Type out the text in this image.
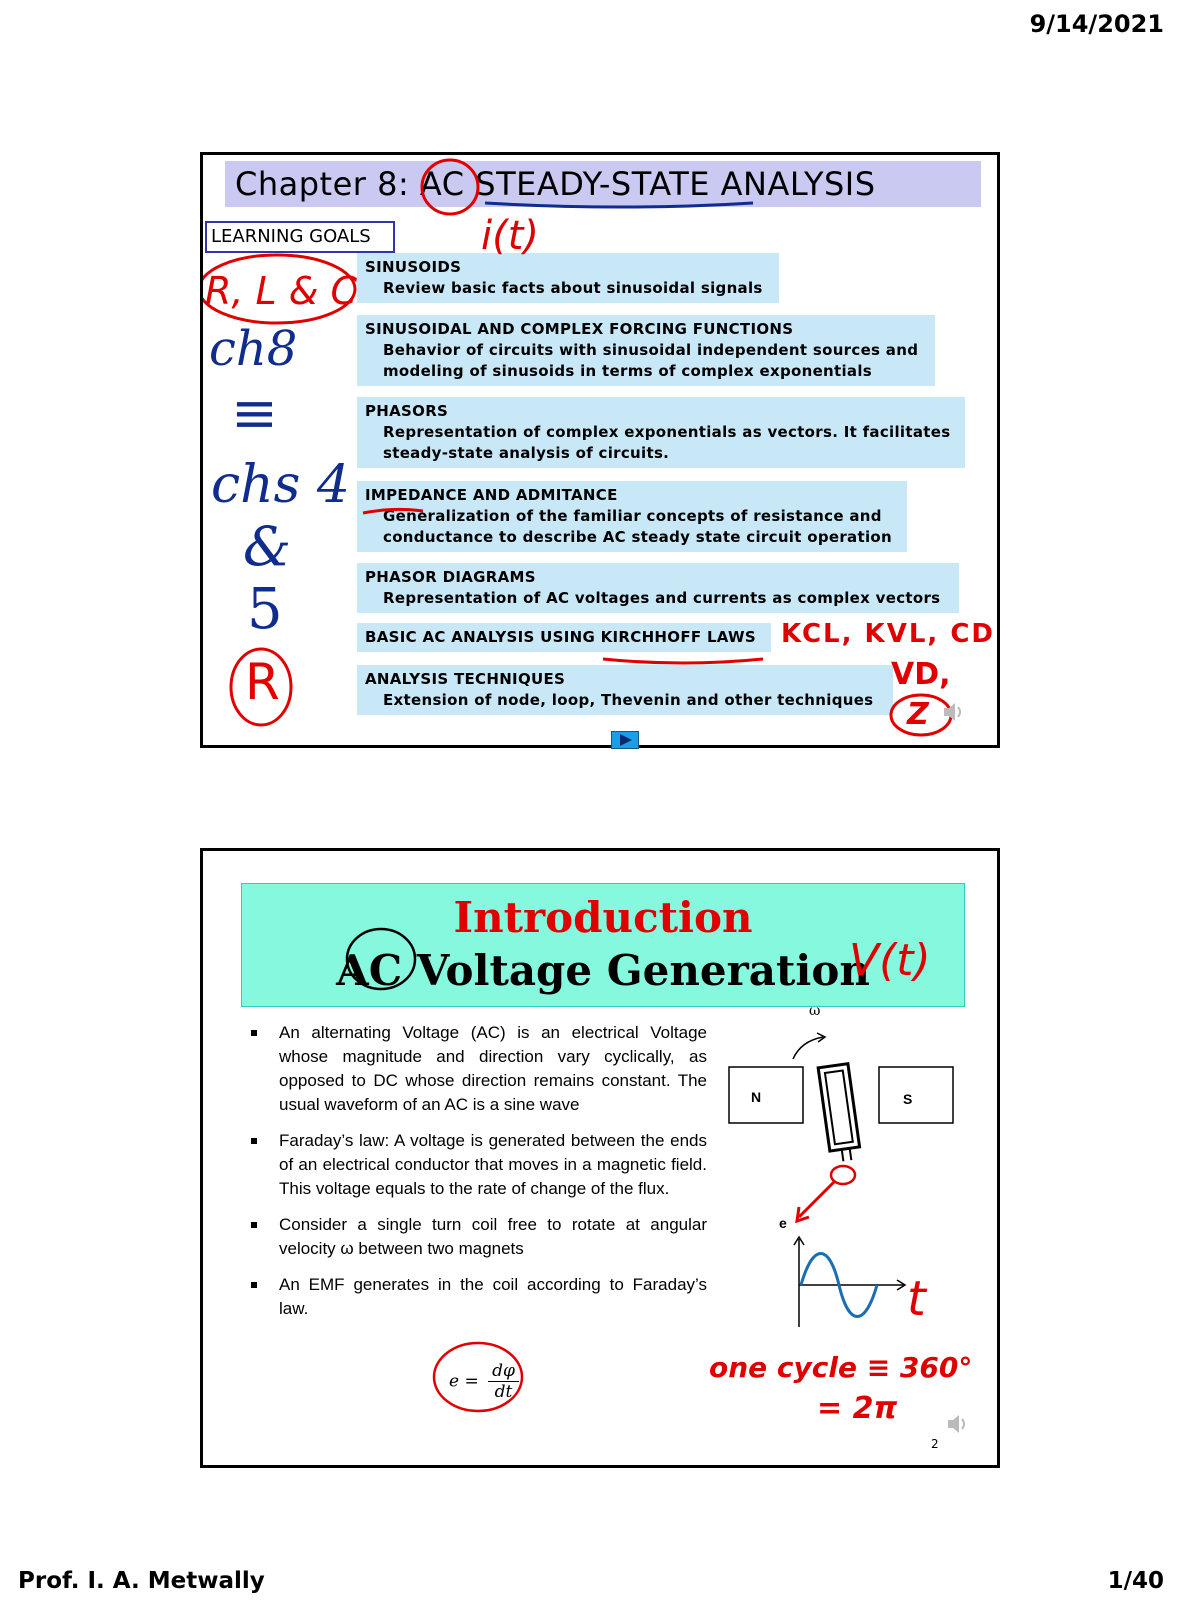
9/14/2021
Chapter 8: AC STEADY-STATE ANALYSIS
LEARNING GOALS
SINUSOIDS
Review basic facts about sinusoidal signals
SINUSOIDAL AND COMPLEX FORCING FUNCTIONS
Behavior of circuits with sinusoidal independent sources and modeling of sinusoids in terms of complex exponentials
PHASORS
Representation of complex exponentials as vectors. It facilitates steady-state analysis of circuits.
IMPEDANCE AND ADMITANCE
Generalization of the familiar concepts of resistance and conductance to describe AC steady state circuit operation
PHASOR DIAGRAMS
Representation of AC voltages and currents as complex vectors
BASIC AC ANALYSIS USING KIRCHHOFF LAWS
ANALYSIS TECHNIQUES
Extension of node, loop, Thevenin and other techniques
i(t)
R, L & C
ch8
≡
chs 4
&
5
R
KCL, KVL, CD
VD,
Z
Introduction
AC Voltage Generation
An alternating Voltage (AC) is an electrical Voltage whose magnitude and direction vary cyclically, as opposed to DC whose direction remains constant. The usual waveform of an AC is a sine wave
Faraday’s law: A voltage is generated between the ends of an electrical conductor that moves in a magnetic field. This voltage equals to the rate of change of the flux.
Consider a single turn coil free to rotate at angular velocity ω between two magnets
An EMF generates in the coil according to Faraday’s law.
$e = \frac{d\varphi}{dt}$
ω
N	S
e
2
V(t)
t
one cycle ≡ 360°
= 2π
Prof. I. A. Metwally	1/40
